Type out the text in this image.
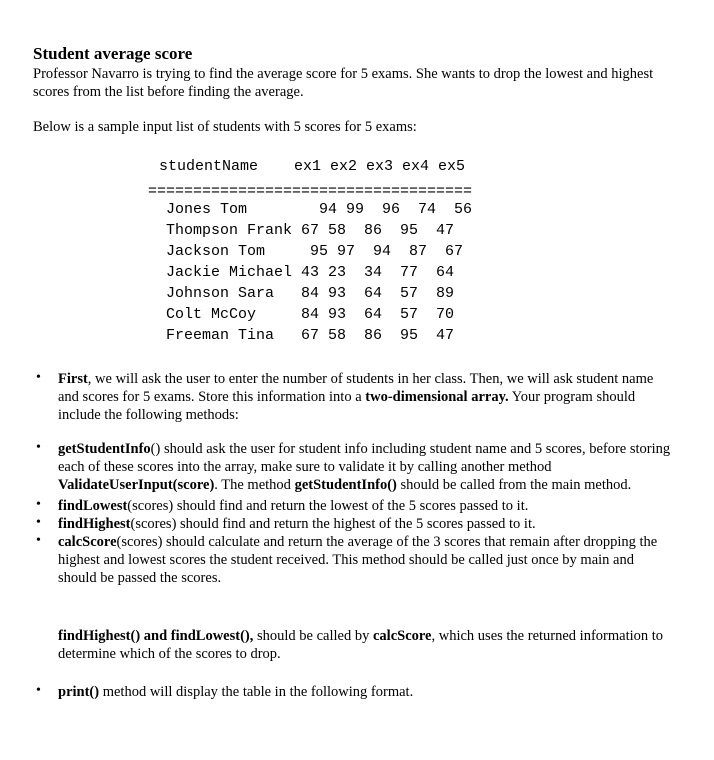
Student average score

Professor Navarro is trying to find the average score for 5 exams. She wants to drop the lowest and highest scores from the list before finding the average.

Below is a sample input list of students with 5 scores for 5 exams:

studentName    ex1 ex2 ex3 ex4 ex5
====================================
Jones Tom        94 99  96  74  56
Thompson Frank 67 58  86  95  47
Jackson Tom     95 97  94  87  67
Jackie Michael 43 23  34  77  64
Johnson Sara   84 93  64  57  89
Colt McCoy     84 93  64  57  70
Freeman Tina   67 58  86  95  47
• First, we will ask the user to enter the number of students in her class. Then, we will ask student name and scores for 5 exams. Store this information into a two-dimensional array. Your program should include the following methods:
• getStudentInfo() should ask the user for student info including student name and 5 scores, before storing each of these scores into the array, make sure to validate it by calling another method ValidateUserInput(score). The method getStudentInfo() should be called from the main method.
• findLowest(scores) should find and return the lowest of the 5 scores passed to it.
• findHighest(scores) should find and return the highest of the 5 scores passed to it.
• calcScore(scores) should calculate and return the average of the 3 scores that remain after dropping the highest and lowest scores the student received. This method should be called just once by main and should be passed the scores.

findHighest() and findLowest(), should be called by calcScore, which uses the returned information to determine which of the scores to drop.

• print() method will display the table in the following format.
